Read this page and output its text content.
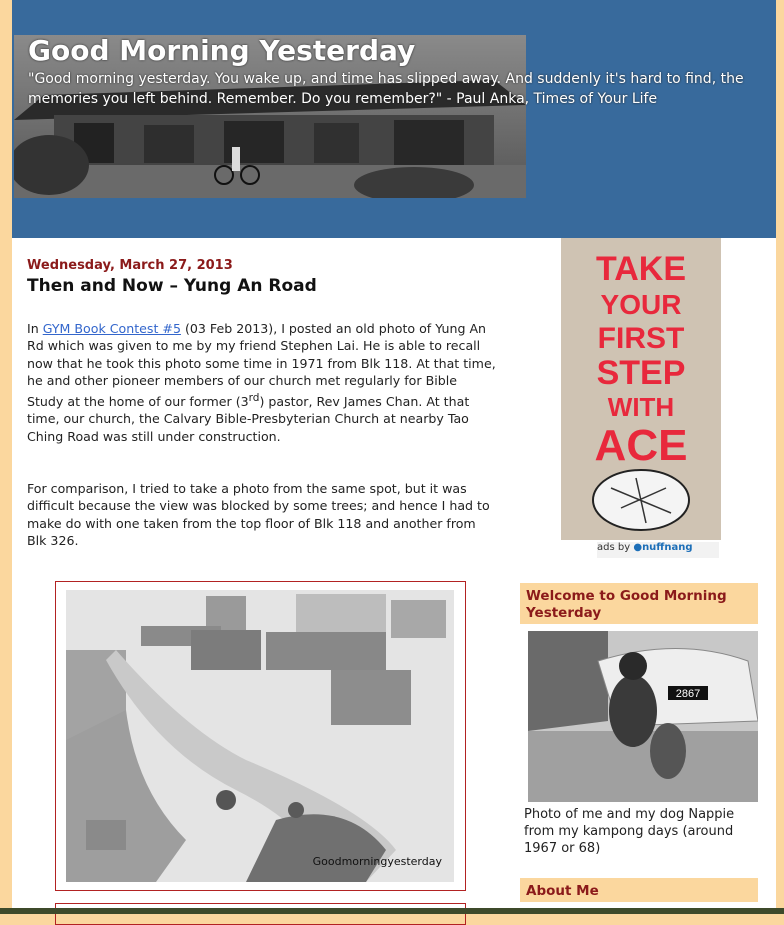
Good Morning Yesterday

"Good morning yesterday. You wake up, and time has slipped away. And suddenly it's hard to find, the memories you left behind. Remember. Do you remember?" - Paul Anka, Times of Your Life

Wednesday, March 27, 2013
Then and Now – Yung An Road

In GYM Book Contest #5 (03 Feb 2013), I posted an old photo of Yung An Rd which was given to me by my friend Stephen Lai. He is able to recall now that he took this photo some time in 1971 from Blk 118. At that time, he and other pioneer members of our church met regularly for Bible Study at the home of our former (3rd) pastor, Rev James Chan. At that time, our church, the Calvary Bible-Presbyterian Church at nearby Tao Ching Road was still under construction.

For comparison, I tried to take a photo from the same spot, but it was difficult because the view was blocked by some trees; and hence I had to make do with one taken from the top floor of Blk 118 and another from Blk 326.

Goodmorningyesterday
TAKE
YOUR
FIRST
STEP
WITH
ACE
ads by ●nuffnang
Welcome to Good Morning Yesterday
2867

Photo of me and my dog Nappie from my kampong days (around 1967 or 68)

About Me
